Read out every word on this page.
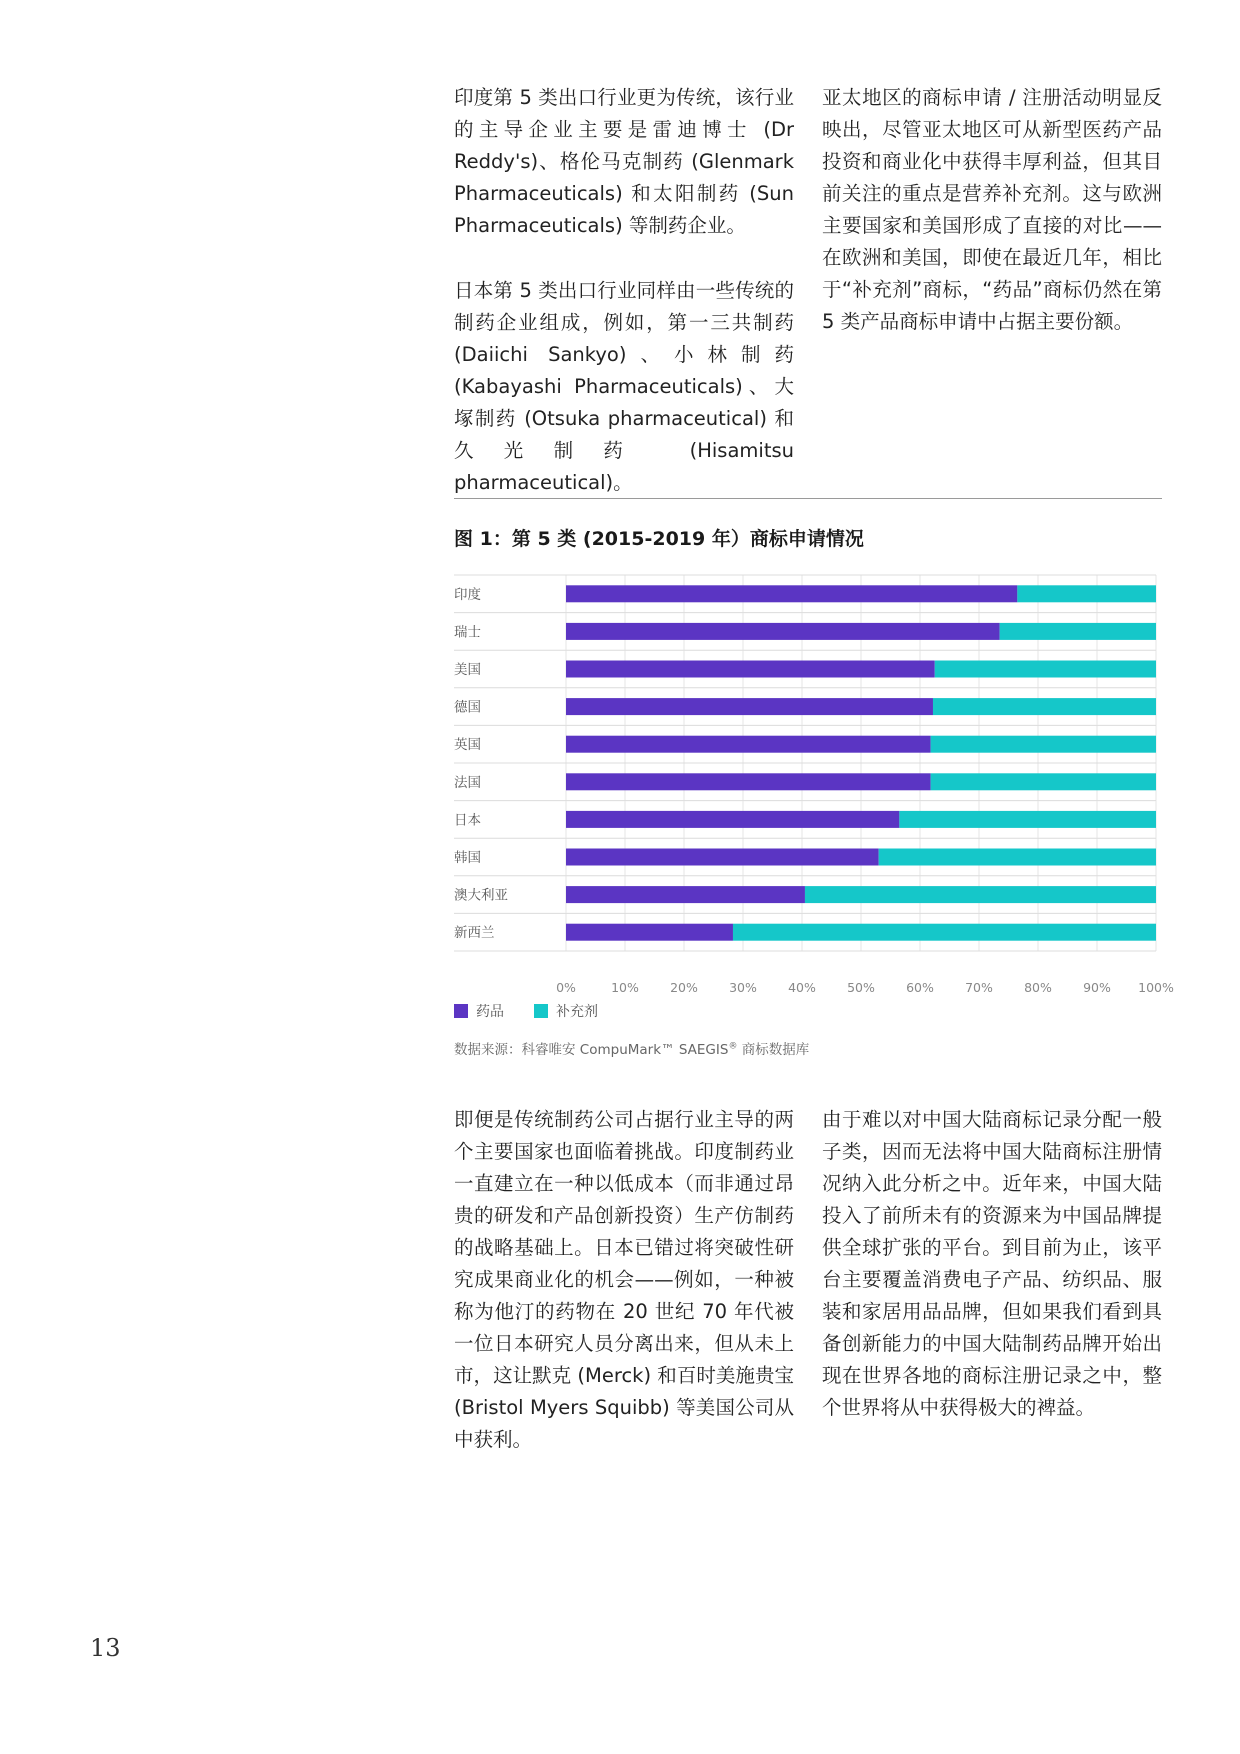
印度第 5 类出口行业更为传统，该行业的主导企业主要是雷迪博士 (Dr Reddy's)、格伦马克制药 (Glenmark Pharmaceuticals) 和太阳制药 (Sun Pharmaceuticals) 等制药企业。

日本第 5 类出口行业同样由一些传统的制药企业组成，例如，第一三共制药 (Daiichi Sankyo)、小林制药 (Kabayashi Pharmaceuticals)、大塚制药 (Otsuka pharmaceutical) 和久光制药 (Hisamitsu pharmaceutical)。

亚太地区的商标申请 / 注册活动明显反映出，尽管亚太地区可从新型医药产品投资和商业化中获得丰厚利益，但其目前关注的重点是营养补充剂。这与欧洲主要国家和美国形成了直接的对比——在欧洲和美国，即使在最近几年，相比于“补充剂”商标，“药品”商标仍然在第 5 类产品商标申请中占据主要份额。

图 1：第 5 类 (2015-2019 年）商标申请情况
印度
瑞士
美国
德国
英国
法国
日本
韩国
澳大利亚
新西兰
0%	10% 20% 30% 40% 50% 60% 70% 80% 90% 100%
药品	补充剂
数据来源：科睿唯安 CompuMark™ SAEGIS® 商标数据库

即便是传统制药公司占据行业主导的两个主要国家也面临着挑战。印度制药业一直建立在一种以低成本（而非通过昂贵的研发和产品创新投资）生产仿制药的战略基础上。日本已错过将突破性研究成果商业化的机会——例如，一种被称为他汀的药物在 20 世纪 70 年代被一位日本研究人员分离出来，但从未上市，这让默克 (Merck) 和百时美施贵宝 (Bristol Myers Squibb) 等美国公司从中获利。

由于难以对中国大陆商标记录分配一般子类，因而无法将中国大陆商标注册情况纳入此分析之中。近年来，中国大陆投入了前所未有的资源来为中国品牌提供全球扩张的平台。到目前为止，该平台主要覆盖消费电子产品、纺织品、服装和家居用品品牌，但如果我们看到具备创新能力的中国大陆制药品牌开始出现在世界各地的商标注册记录之中，整个世界将从中获得极大的裨益。

13
